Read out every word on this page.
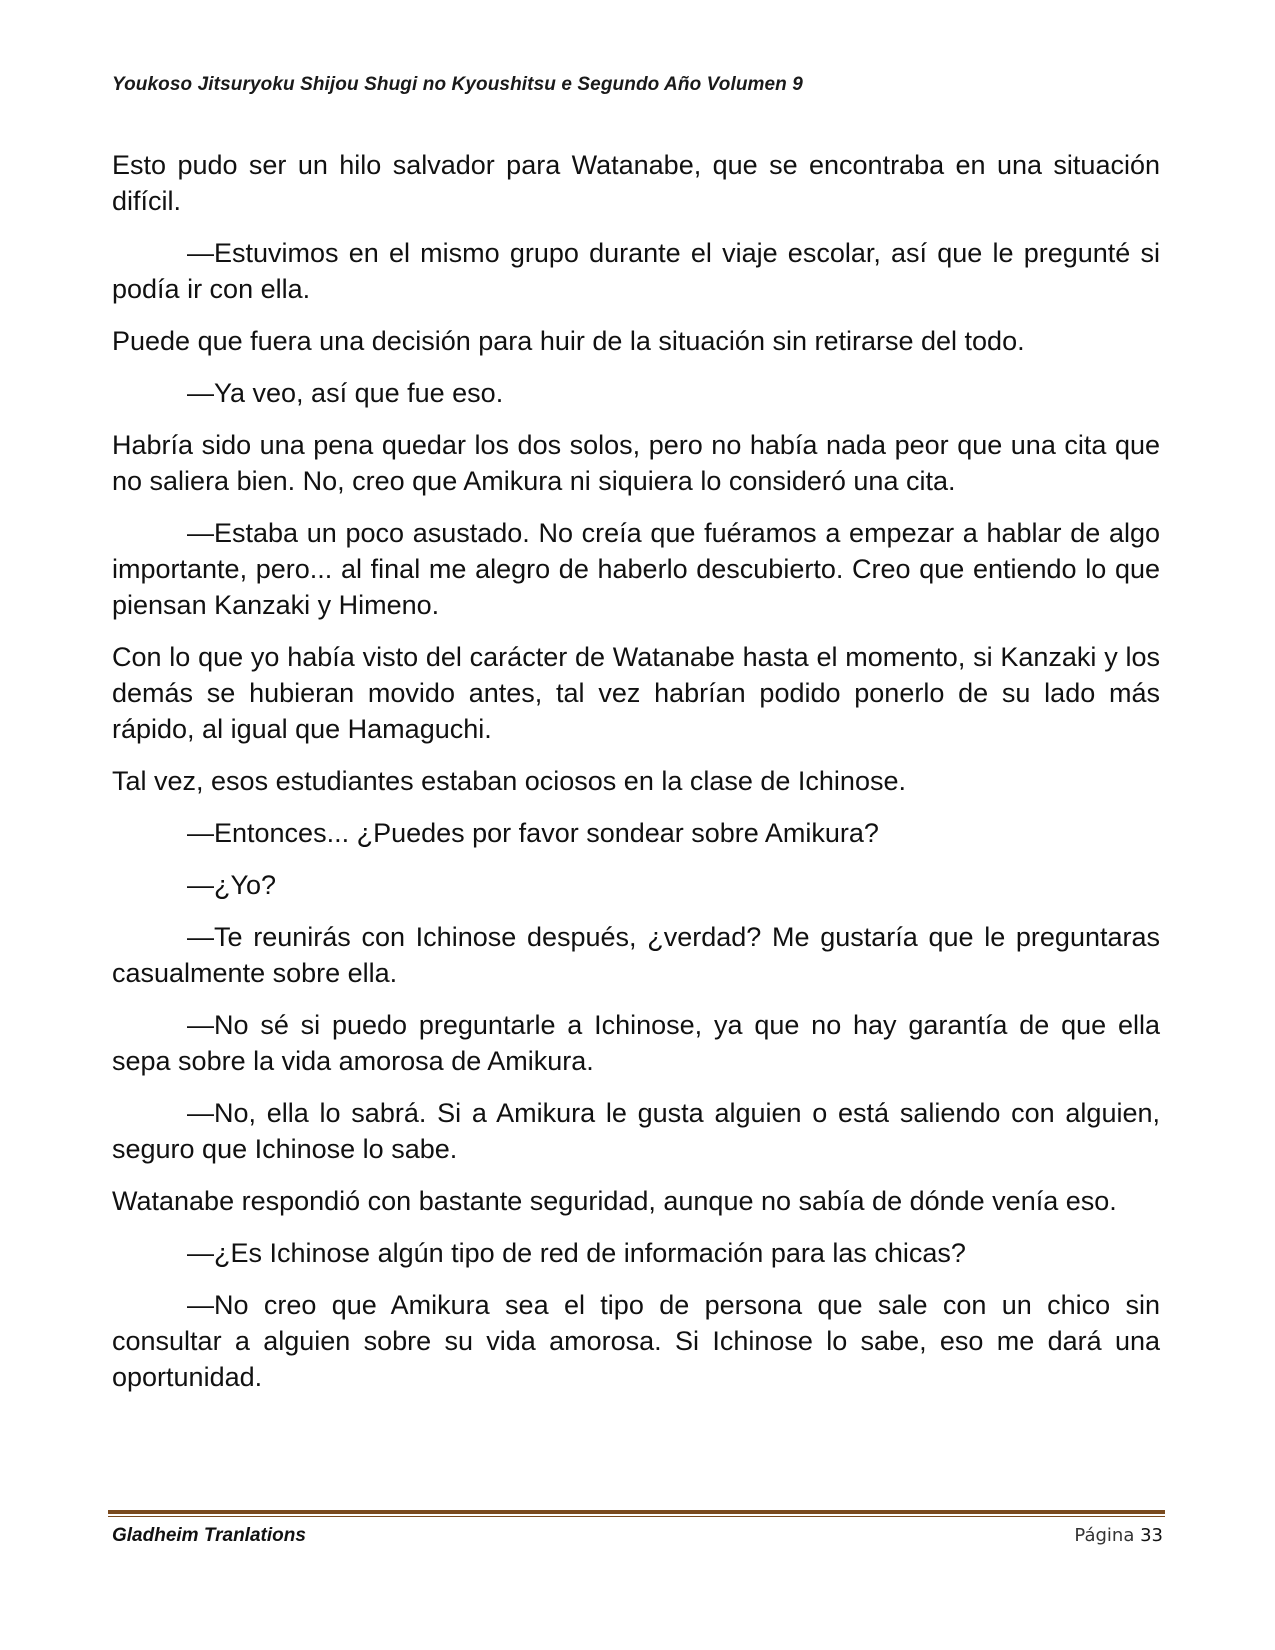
Youkoso Jitsuryoku Shijou Shugi no Kyoushitsu e Segundo Año Volumen 9

Esto pudo ser un hilo salvador para Watanabe, que se encontraba en una situación difícil.

—Estuvimos en el mismo grupo durante el viaje escolar, así que le pregunté si podía ir con ella.

Puede que fuera una decisión para huir de la situación sin retirarse del todo.

—Ya veo, así que fue eso.

Habría sido una pena quedar los dos solos, pero no había nada peor que una cita que no saliera bien. No, creo que Amikura ni siquiera lo consideró una cita.

—Estaba un poco asustado. No creía que fuéramos a empezar a hablar de algo importante, pero... al final me alegro de haberlo descubierto. Creo que entiendo lo que piensan Kanzaki y Himeno.

Con lo que yo había visto del carácter de Watanabe hasta el momento, si Kanzaki y los demás se hubieran movido antes, tal vez habrían podido ponerlo de su lado más rápido, al igual que Hamaguchi.

Tal vez, esos estudiantes estaban ociosos en la clase de Ichinose.

—Entonces... ¿Puedes por favor sondear sobre Amikura?

—¿Yo?

—Te reunirás con Ichinose después, ¿verdad? Me gustaría que le preguntaras casualmente sobre ella.

—No sé si puedo preguntarle a Ichinose, ya que no hay garantía de que ella sepa sobre la vida amorosa de Amikura.

—No, ella lo sabrá. Si a Amikura le gusta alguien o está saliendo con alguien, seguro que Ichinose lo sabe.

Watanabe respondió con bastante seguridad, aunque no sabía de dónde venía eso.

—¿Es Ichinose algún tipo de red de información para las chicas?

—No creo que Amikura sea el tipo de persona que sale con un chico sin consultar a alguien sobre su vida amorosa. Si Ichinose lo sabe, eso me dará una oportunidad.

Gladheim Tranlations	Página 33
